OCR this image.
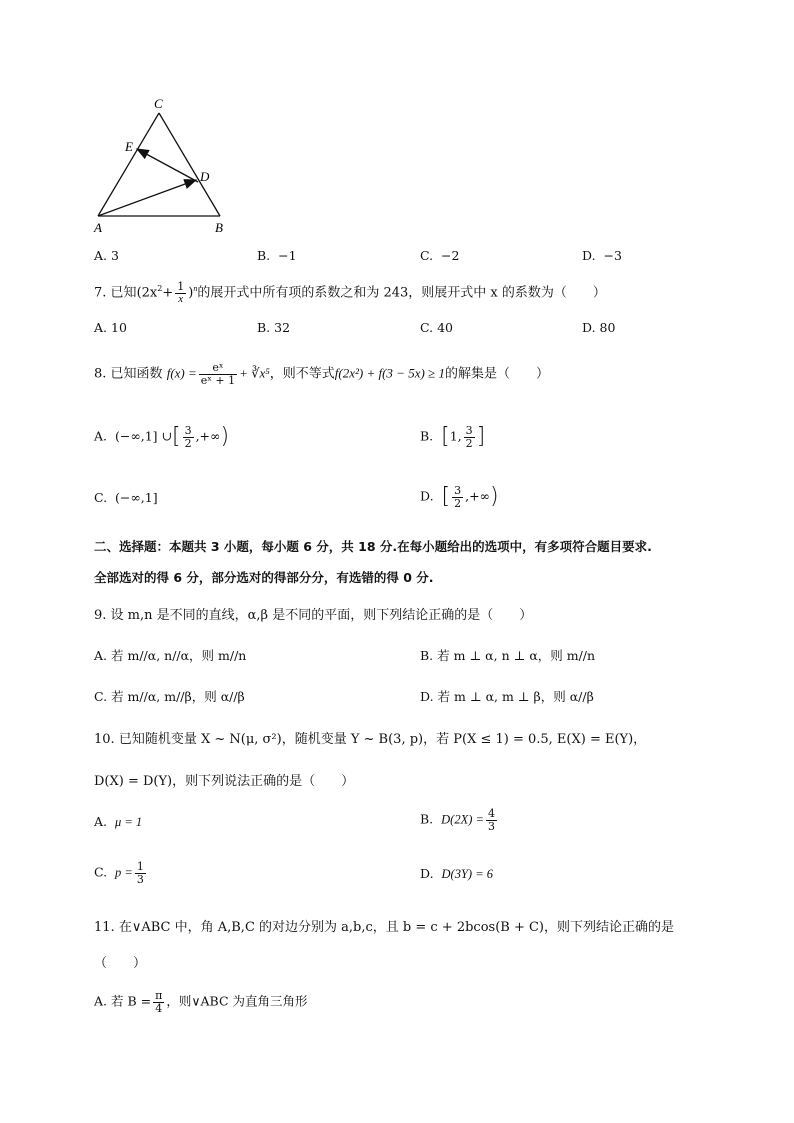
C
E
D
A	B
A. 3	B. −1	C. −2	D. −3
7. 已知$(2x^2+ \frac{1}{x} )^n$的展开式中所有项的系数之和为 243，则展开式中 x 的系数为（　　）
A. 10	B. 32	C. 40	D. 80
8. 已知函数 $f(x) = \frac{\text{eˣ}}{\text{eˣ + 1}}$ + ∛x⁵，则不等式f(2x²) + f(3 − 5x) ≥ 1的解集是（　　）
A. (−∞,1] ∪[ $\frac{3}{2}$ ,+∞)	B. [1, $\frac{3}{2}$ ]
C. (−∞,1]	D. [ $\frac{3}{2}$ ,+∞)
二、选择题：本题共 3 小题，每小题 6 分，共 18 分.在每小题给出的选项中，有多项符合题目要求.
全部选对的得 6 分，部分选对的得部分分，有选错的得 0 分.
9. 设 m,n 是不同的直线，α,β 是不同的平面，则下列结论正确的是（　　）
A. 若 m//α, n//α，则 m//n	B. 若 m ⊥ α, n ⊥ α，则 m//n
C. 若 m//α, m//β，则 α//β	D. 若 m ⊥ α, m ⊥ β，则 α//β
10. 已知随机变量 X ~ N(μ, σ²)，随机变量 Y ~ B(3, p)，若 P(X ≤ 1) = 0.5, E(X) = E(Y)，
D(X) = D(Y)，则下列说法正确的是（　　）
A. μ = 1	B. $D(2X) = \frac{4}{3}$
C. $p = \frac{1}{3}$	D. D(3Y) = 6
11. 在∨ABC 中，角 A,B,C 的对边分别为 a,b,c，且 b = c + 2bcos(B + C)，则下列结论正确的是
（　　）
A. 若 $B = \frac{\pi}{4}$ ，则∨ABC 为直角三角形
